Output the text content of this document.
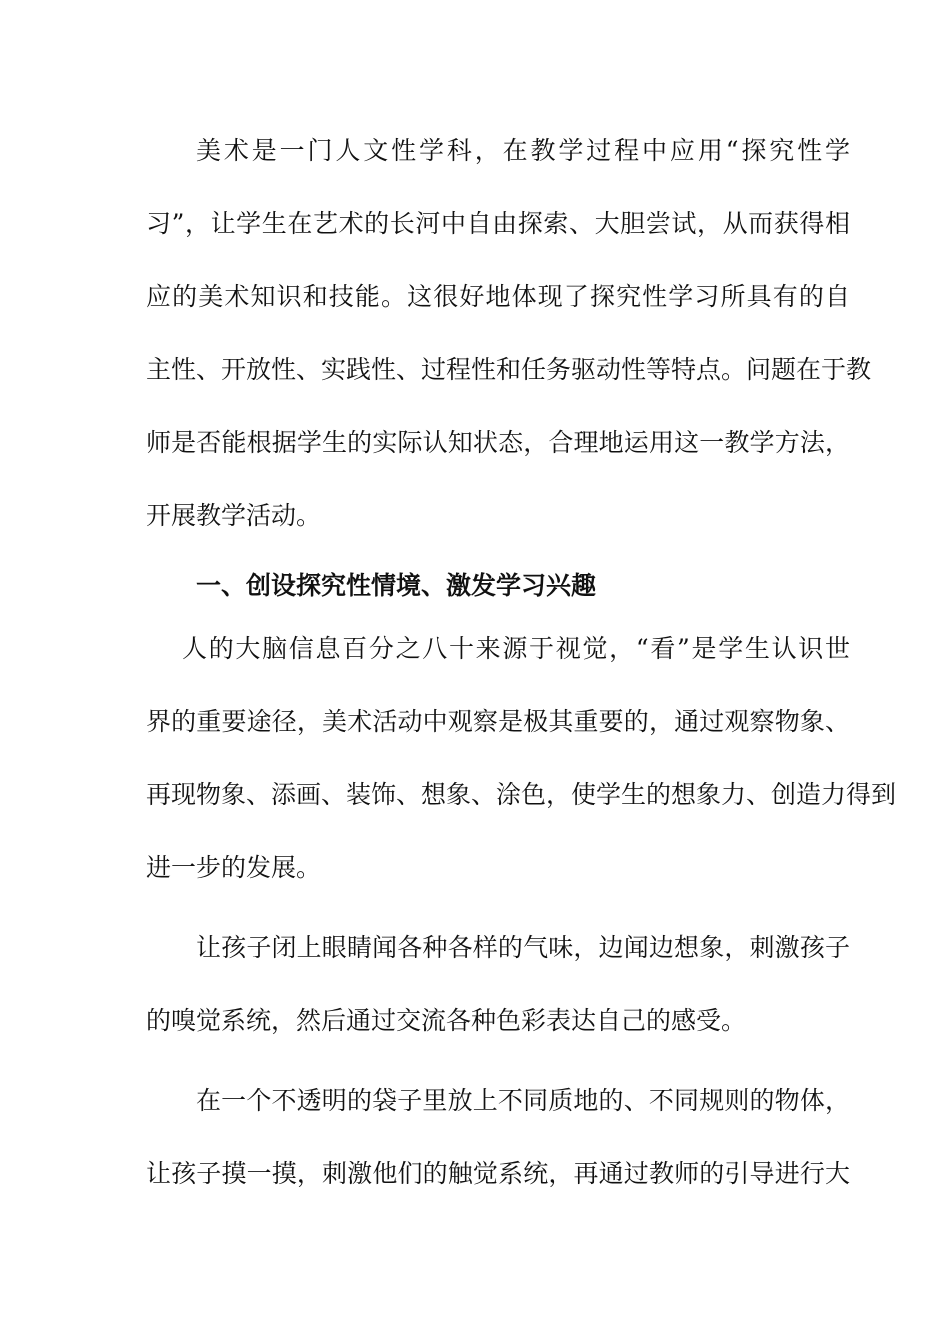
美术是一门人文性学科，在教学过程中应用“探究性学
习”，让学生在艺术的长河中自由探索、大胆尝试，从而获得相
应的美术知识和技能。这很好地体现了探究性学习所具有的自
主性、开放性、实践性、过程性和任务驱动性等特点。问题在于教
师是否能根据学生的实际认知状态，合理地运用这一教学方法，
开展教学活动。
一、创设探究性情境、激发学习兴趣
人的大脑信息百分之八十来源于视觉，“看”是学生认识世
界的重要途径，美术活动中观察是极其重要的，通过观察物象、
再现物象、添画、装饰、想象、涂色，使学生的想象力、创造力得到
进一步的发展。
让孩子闭上眼睛闻各种各样的气味，边闻边想象，刺激孩子
的嗅觉系统，然后通过交流各种色彩表达自己的感受。
在一个不透明的袋子里放上不同质地的、不同规则的物体，
让孩子摸一摸，刺激他们的触觉系统，再通过教师的引导进行大
